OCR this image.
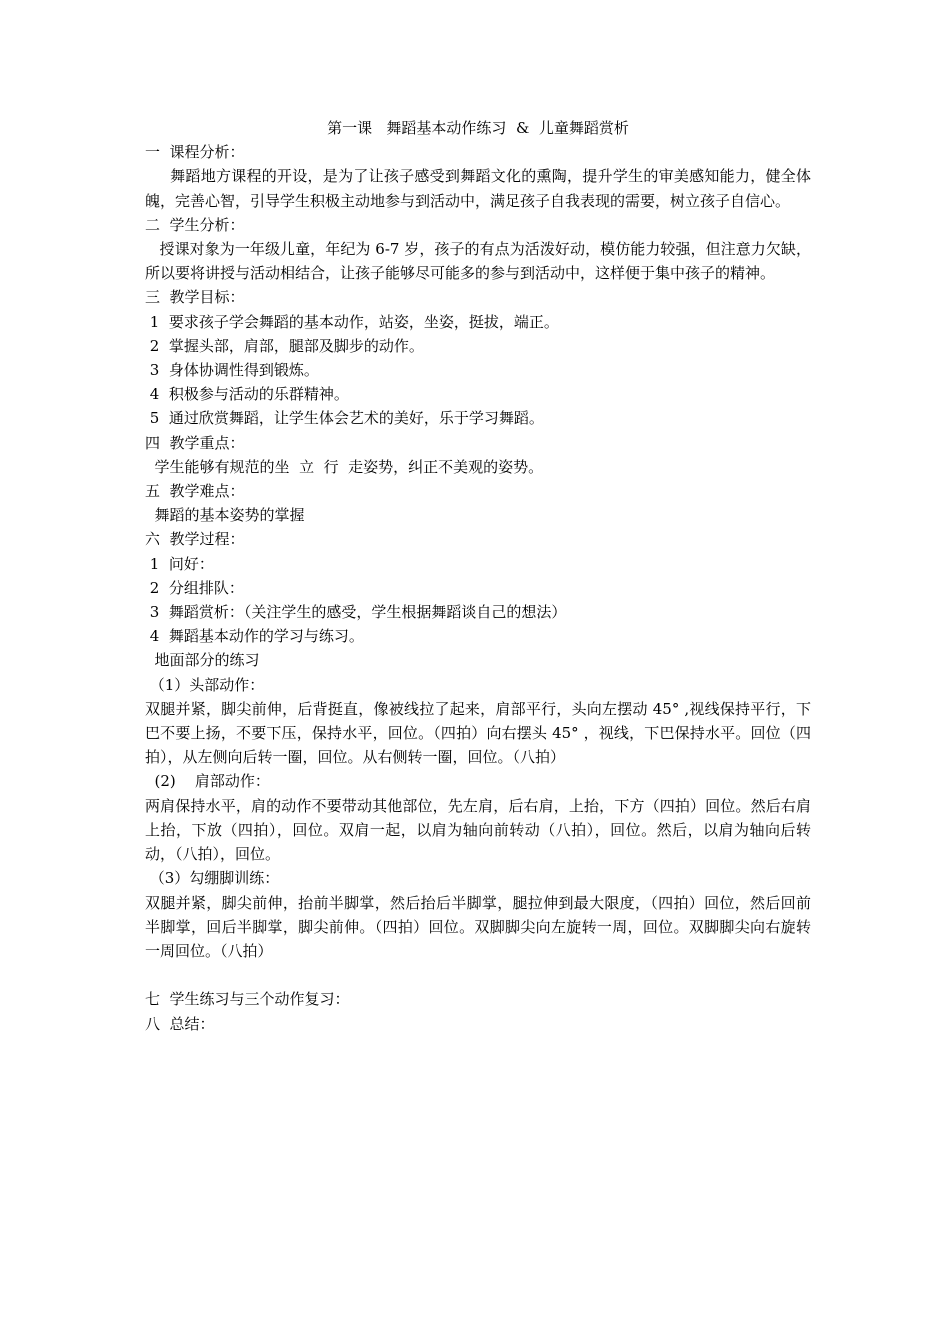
第一课   舞蹈基本动作练习  &  儿童舞蹈赏析

一  课程分析：

舞蹈地方课程的开设，是为了让孩子感受到舞蹈文化的熏陶，提升学生的审美感知能力，健全体魄，完善心智，引导学生积极主动地参与到活动中，满足孩子自我表现的需要，树立孩子自信心。

二  学生分析：

授课对象为一年级儿童，年纪为 6-7 岁，孩子的有点为活泼好动，模仿能力较强，但注意力欠缺，所以要将讲授与活动相结合，让孩子能够尽可能多的参与到活动中，这样便于集中孩子的精神。

三  教学目标：

1  要求孩子学会舞蹈的基本动作，站姿，坐姿，挺拔，端正。

2  掌握头部，肩部，腿部及脚步的动作。

3  身体协调性得到锻炼。

4  积极参与活动的乐群精神。

5  通过欣赏舞蹈，让学生体会艺术的美好，乐于学习舞蹈。

四  教学重点：

学生能够有规范的坐  立  行  走姿势，纠正不美观的姿势。

五  教学难点：

舞蹈的基本姿势的掌握

六  教学过程：

1  问好：

2  分组排队：

3  舞蹈赏析：（关注学生的感受，学生根据舞蹈谈自己的想法）

4  舞蹈基本动作的学习与练习。

地面部分的练习

（1）头部动作：

双腿并紧，脚尖前伸，后背挺直，像被线拉了起来，肩部平行，头向左摆动 45° ,视线保持平行，下巴不要上扬，不要下压，保持水平，回位。（四拍）向右摆头 45° ，视线，下巴保持水平。回位（四拍），从左侧向后转一圈，回位。从右侧转一圈，回位。（八拍）

(2)    肩部动作：

两肩保持水平，肩的动作不要带动其他部位，先左肩，后右肩，上抬，下方（四拍）回位。然后右肩上抬，下放（四拍），回位。双肩一起，以肩为轴向前转动（八拍），回位。然后，以肩为轴向后转动，（八拍），回位。

（3）勾绷脚训练：

双腿并紧，脚尖前伸，抬前半脚掌，然后抬后半脚掌，腿拉伸到最大限度，（四拍）回位，然后回前半脚掌，回后半脚掌，脚尖前伸。（四拍）回位。双脚脚尖向左旋转一周，回位。双脚脚尖向右旋转一周回位。（八拍）

七  学生练习与三个动作复习：

八  总结：
